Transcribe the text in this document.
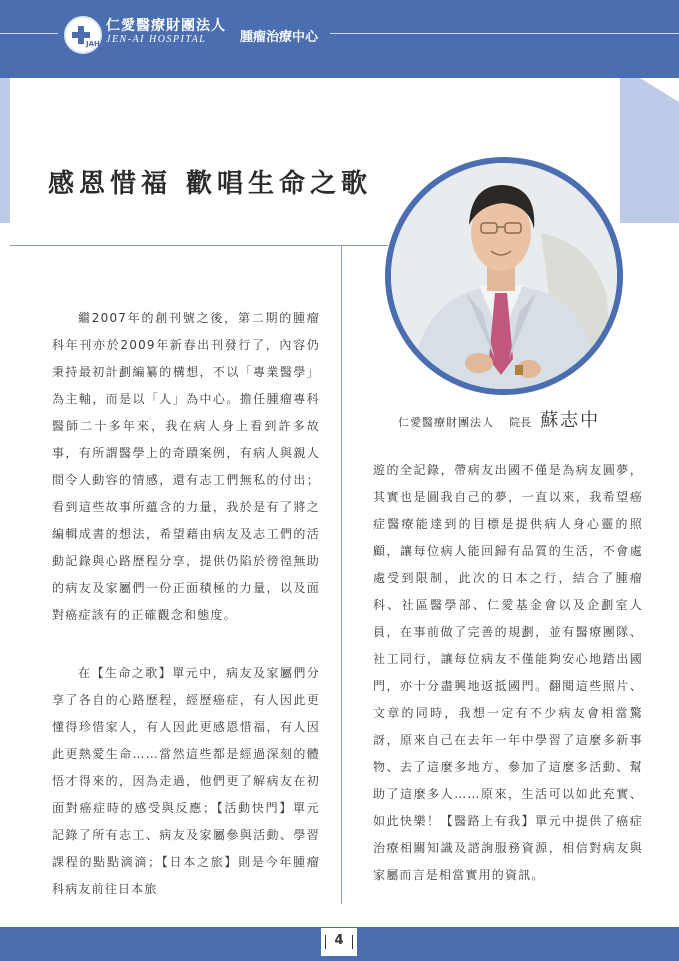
JAH
仁愛醫療財團法人
JEN-AI HOSPITAL	腫瘤治療中心
感恩惜福 歡唱生命之歌
仁愛醫療財團法人 院長 蘇志中

繼2007年的創刊號之後，第二期的腫瘤科年刊亦於2009年新春出刊發行了，內容仍秉持最初計劃編纂的構想，不以「專業醫學」為主軸，而是以「人」為中心。擔任腫瘤專科醫師二十多年來，我在病人身上看到許多故事，有所謂醫學上的奇蹟案例，有病人與親人間令人動容的情感，還有志工們無私的付出；看到這些故事所蘊含的力量，我於是有了將之編輯成書的想法，希望藉由病友及志工們的活動記錄與心路歷程分享，提供仍陷於徬徨無助的病友及家屬們一份正面積極的力量，以及面對癌症該有的正確觀念和態度。

在【生命之歌】單元中，病友及家屬們分享了各自的心路歷程，經歷癌症，有人因此更懂得珍惜家人，有人因此更感恩惜福，有人因此更熱愛生命……當然這些都是經過深刻的體悟才得來的，因為走過，他們更了解病友在初面對癌症時的感受與反應；【活動快門】單元記錄了所有志工、病友及家屬參與活動、學習課程的點點滴滴；【日本之旅】則是今年腫瘤科病友前往日本旅

遊的全記錄，帶病友出國不僅是為病友圓夢，其實也是圓我自己的夢，一直以來，我希望癌症醫療能達到的目標是提供病人身心靈的照顧，讓每位病人能回歸有品質的生活，不會處處受到限制，此次的日本之行，結合了腫瘤科、社區醫學部、仁愛基金會以及企劃室人員，在事前做了完善的規劃，並有醫療團隊、社工同行，讓每位病友不僅能夠安心地踏出國門，亦十分盡興地返抵國門。翻閱這些照片、文章的同時，我想一定有不少病友會相當驚訝，原來自己在去年一年中學習了這麼多新事物、去了這麼多地方、參加了這麼多活動、幫助了這麼多人……原來，生活可以如此充實、如此快樂！【醫路上有我】單元中提供了癌症治療相關知識及諮詢服務資源，相信對病友與家屬而言是相當實用的資訊。

4
